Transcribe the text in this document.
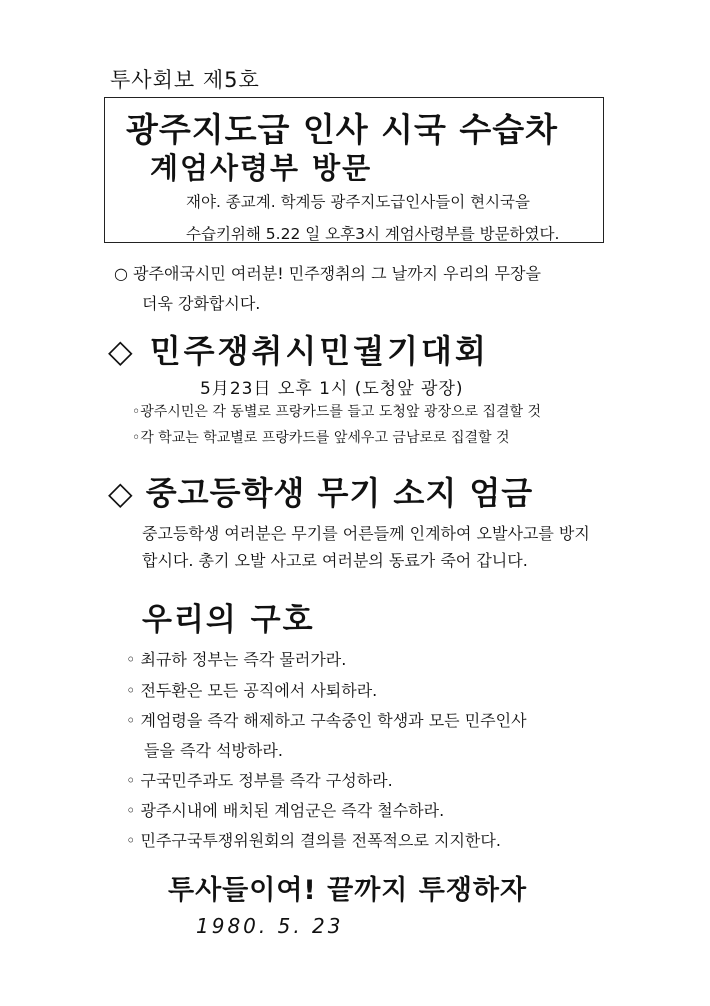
투사회보 제5호
광주지도급 인사 시국 수습차
계엄사령부 방문
재야. 종교계. 학계등 광주지도급인사들이 현시국을
수습키위해 5.22 일 오후3시 계엄사령부를 방문하였다.
○ 광주애국시민 여러분! 민주쟁취의 그 날까지 우리의 무장을
더욱 강화합시다.
◇ 민주쟁취시민궐기대회
5月23日 오후 1시 (도청앞 광장)
◦광주시민은 각 동별로 프랑카드를 들고 도청앞 광장으로 집결할 것
◦각 학교는 학교별로 프랑카드를 앞세우고 금남로로 집결할 것
◇ 중고등학생 무기 소지 엄금
중고등학생 여러분은 무기를 어른들께 인계하여 오발사고를 방지
합시다. 총기 오발 사고로 여러분의 동료가 죽어 갑니다.
우리의 구호
◦ 최규하 정부는 즉각 물러가라.
◦ 전두환은 모든 공직에서 사퇴하라.
◦ 계엄령을 즉각 해제하고 구속중인 학생과 모든 민주인사
들을 즉각 석방하라.
◦ 구국민주과도 정부를 즉각 구성하라.
◦ 광주시내에 배치된 계엄군은 즉각 철수하라.
◦ 민주구국투쟁위원회의 결의를 전폭적으로 지지한다.
투사들이여! 끝까지 투쟁하자
1980. 5. 23
